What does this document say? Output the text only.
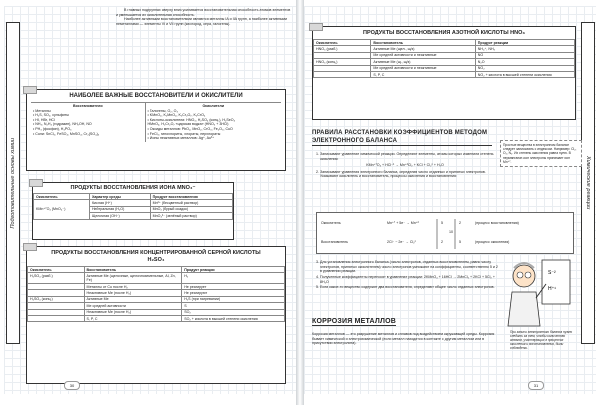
Подготовительные основы химии
В главных подгруппах сверху вниз усиливается восстановительная способность атомов элементов и уменьшается их окислительная способность.
Наиболее активными восстановителями являются металлы IA и IIA групп, а наиболее активными неметаллами — элементы VI и VII групп (кислород, сера, галогены).
НАИБОЛЕЕ ВАЖНЫЕ ВОССТАНОВИТЕЛИ И ОКИСЛИТЕЛИ
Восстановители
• Металлы
• H₂S, SO₂, сульфиты
• HI, HBr, HCl
• NH₃, N₂H₄ (гидразин), NH₂OH, NO
• PH₃ (фосфин), H₃PO₃
• Соли: SnCl₂, FeSO₄, MnSO₄, Cr₂(SO₄)₃
Окислители
• Галогены, O₂, O₃
• KMnO₄, K₂MnO₄, K₂Cr₂O₇, K₂CrO₄
• Кислоты-окислители: HNO₃, H₂SO₄ (конц.), H₂SeO₄
HMnO₄, H₂Cr₂O₇ «царская водка» (HNO₃ + 3HCl)
• Оксиды металлов: PbO₂, MnO₂, CrO₃, Fe₂O₃, CuO
• FeCl₃, гипохлориты, хлораты, перхлораты
• Ионы неактивных металлов: Ag⁺, Au³⁺
ПРОДУКТЫ ВОССТАНОВЛЕНИЯ ИОНА MNO₄⁻
Окислитель	Характер среды	Продукт восстановления
KMn⁺⁷O₄ (MnO₄⁻)	Кислая (H⁺)	Mn²⁺ (бесцветный раствор)
	Нейтральная (H₂O)	MnO₂ (бурый осадок)
	Щелочная (OH⁻)	MnO₄²⁻ (зелёный раствор)
ПРОДУКТЫ ВОССТАНОВЛЕНИЯ КОНЦЕНТРИРОВАННОЙ СЕРНОЙ КИСЛОТЫ H₂SO₄
Окислитель	Восстановитель	Продукт реакции
H₂SO₄ (разб.)	Активные Me (щелочные, щелочноземельные, Al, Zn, Fe)	H₂
	Металлы от Cu после H₂	Не реагирует
	Неактивные Me (после H₂)	Не реагируют
H₂SO₄ (конц.)	Активные Me	H₂S (при нагревании)
	Me средней активности	S
	Неактивные Me (после H₂)	SO₂
	S, P, C	SO₂ + кислота в высшей степени окисления
30
Химические реакции
ПРОДУКТЫ ВОССТАНОВЛЕНИЯ АЗОТНОЙ КИСЛОТЫ HNO₃
Окислитель	Восстановитель	Продукт реакции
HNO₃ (разб.)	Активные Me (щел., щ/з)	NH₄⁺, NH₃
	Me средней активности и неактивные	NO
HNO₃ (конц.)	Активные Me (щ., щ/з)	N₂O
	Me средней активности и неактивные	NO₂
	S, P, C	NO₂ + кислота в высшей степени окисления
ПРАВИЛА РАССТАНОВКИ КОЭФФИЦИЕНТОВ МЕТОДОМ ЭЛЕКТРОННОГО БАЛАНСА
1. Записывают уравнение химической реакции. Определяют элементы, атомы которых изменили степень окисления:
KMn⁺⁷O₄ + HCl⁻¹ → Mn⁺²Cl₂ + KCl + Cl₂⁰ + H₂O
2. Записывают уравнения электронного баланса, определив число отданных и принятых электронов. Указывают окислитель и восстановитель, процессы окисления и восстановления:
Простые вещества в электронном балансе следует записывать с индексом. Например: Cl₂, O₂, N₂. Их степень окисления равна нулю. В перманганат-ион электроны принимает ион Mn⁺⁷.
Окислитель	Mn⁺⁷ + 5e⁻ → Mn⁺²	5	2	(процесс восстановления)
10
Восстановитель	2Cl⁻ − 2e⁻ → Cl₂⁰	2	5	(процесс окисления)
3. Для установления электронного баланса (число электронов, отданных восстановителем, равно числу электронов, принятых окислителем) число электронов умножают на коэффициенты, соответственно 5 и 2 в уравнении реакции.
4. Полученные коэффициенты переносят в уравнение реакции: 2KMnO₄ + 16HCl → 2MnCl₂ + 2KCl + 5Cl₂ + 8H₂O
5. Если какое-то вещество содержит два восстановителя, определяют общее число отданных электронов.
S⁻²
H⁺¹
При записи электронного баланса нужно следить за тем, чтобы количество атомов, участвующих в процессах окисления и восстановления, были соблюдены.
КОРРОЗИЯ МЕТАЛЛОВ
Коррозия металлов — это разрушение металлов и сплавов под воздействием окружающей среды. Коррозия бывает химической и электрохимической (если металл находится в контакте с другим металлом или в присутствии электролита).
31
